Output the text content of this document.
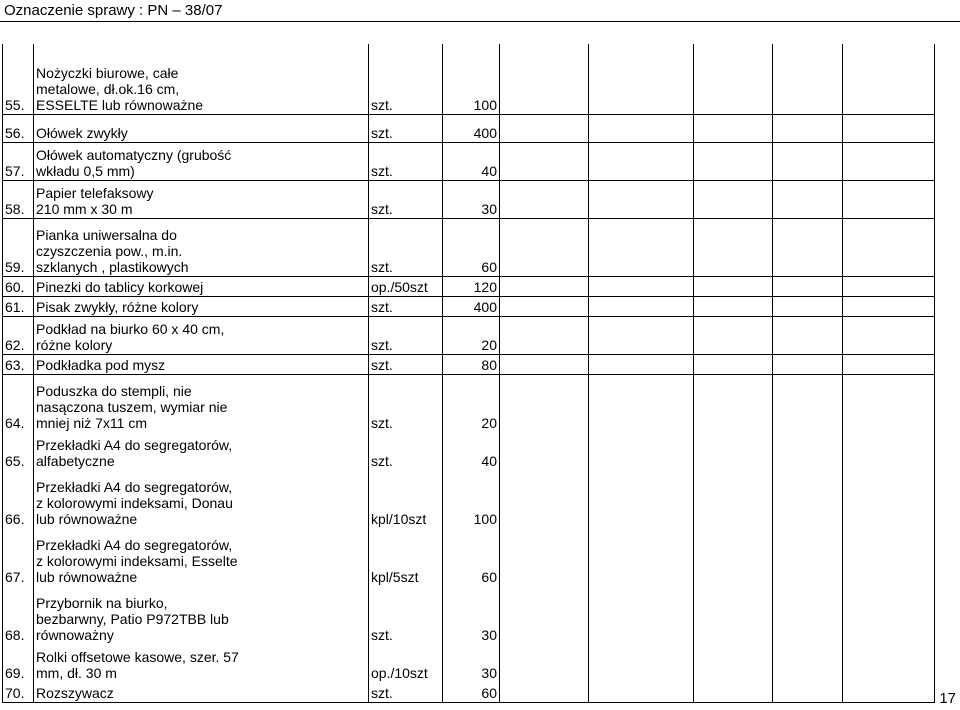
Oznaczenie sprawy : PN – 38/07
55.	Nożyczki biurowe, całe
metalowe, dł.ok.16 cm,
ESSELTE lub równoważne	szt.	100					
56.	Ołówek zwykły	szt.	400					
57.	Ołówek automatyczny (grubość
wkładu 0,5 mm)	szt.	40					
58.	Papier telefaksowy
210 mm x 30 m	szt.	30					
59.	Pianka uniwersalna do
czyszczenia pow., m.in.
szklanych , plastikowych	szt.	60					
60.	Pinezki do tablicy korkowej	op./50szt	120					
61.	Pisak zwykły, różne kolory	szt.	400					
62.	Podkład na biurko 60 x 40 cm,
różne kolory	szt.	20					
63.	Podkładka pod mysz	szt.	80					
64.	Poduszka do stempli, nie
nasączona tuszem, wymiar nie
mniej niż 7x11 cm	szt.	20					
65.	Przekładki A4 do segregatorów,
alfabetyczne	szt.	40					
66.	Przekładki A4 do segregatorów,
z kolorowymi indeksami, Donau
lub równoważne	kpl/10szt	100					
67.	Przekładki A4 do segregatorów,
z kolorowymi indeksami, Esselte
lub równoważne	kpl/5szt	60					
68.	Przybornik na biurko,
bezbarwny, Patio P972TBB lub
równoważny	szt.	30					
69.	Rolki offsetowe kasowe, szer. 57
mm, dł. 30 m	op./10szt	30					
70.	Rozszywacz	szt.	60						17
